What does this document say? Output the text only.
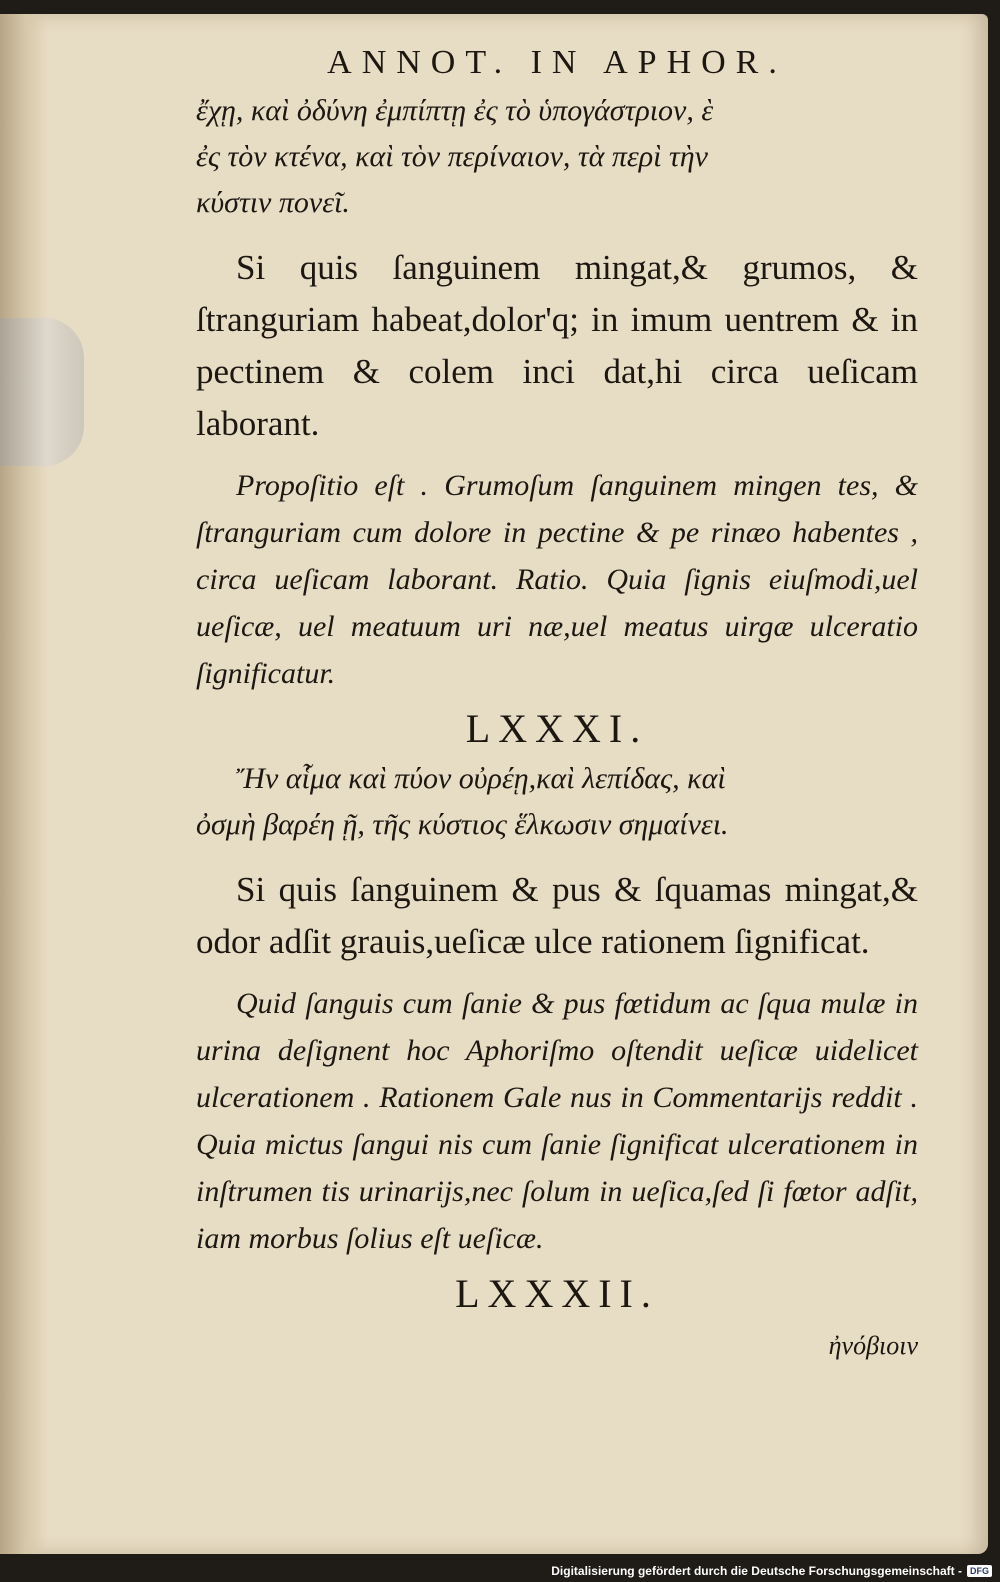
ANNOT. IN APHOR.

ἔχῃ, καὶ ὀδύνη ἐμπίπτῃ ἐς τὸ ὑπογάστριον, ὲ

ἐς τὸν κτένα, καὶ τὸν περίναιον, τὰ περὶ τὴν

κύστιν πονεῖ.

Si quis ſanguinem mingat,& grumos, & ſtranguriam habeat,dolor'q; in imum uentrem & in pectinem & colem inci dat,hi circa ueſicam laborant.

Propoſitio eſt . Grumoſum ſanguinem mingen tes, & ſtranguriam cum dolore in pectine & pe rinæo habentes , circa ueſicam laborant. Ratio. Quia ſignis eiuſmodi,uel ueſicæ, uel meatuum uri næ,uel meatus uirgæ ulceratio ſignificatur.

LXXXI.

Ἤν αἷμα καὶ πύον οὐρέῃ,καὶ λεπίδας, καὶ

ὀσμὴ βαρέη ῇ, τῆς κύστιος ἕλκωσιν σημαίνει.

Si quis ſanguinem & pus & ſquamas mingat,& odor adſit grauis,ueſicæ ulce rationem ſignificat.

Quid ſanguis cum ſanie & pus fœtidum ac ſqua mulæ in urina deſignent hoc Aphoriſmo oſtendit ueſicæ uidelicet ulcerationem . Rationem Gale nus in Commentarijs reddit . Quia mictus ſangui nis cum ſanie ſignificat ulcerationem in inſtrumen tis urinarijs,nec ſolum in ueſica,ſed ſi fœtor adſit, iam morbus ſolius eſt ueſicæ.

LXXXII.
ἠνόβιοιν
Digitalisierung gefördert durch die Deutsche Forschungsgemeinschaft - DFG
